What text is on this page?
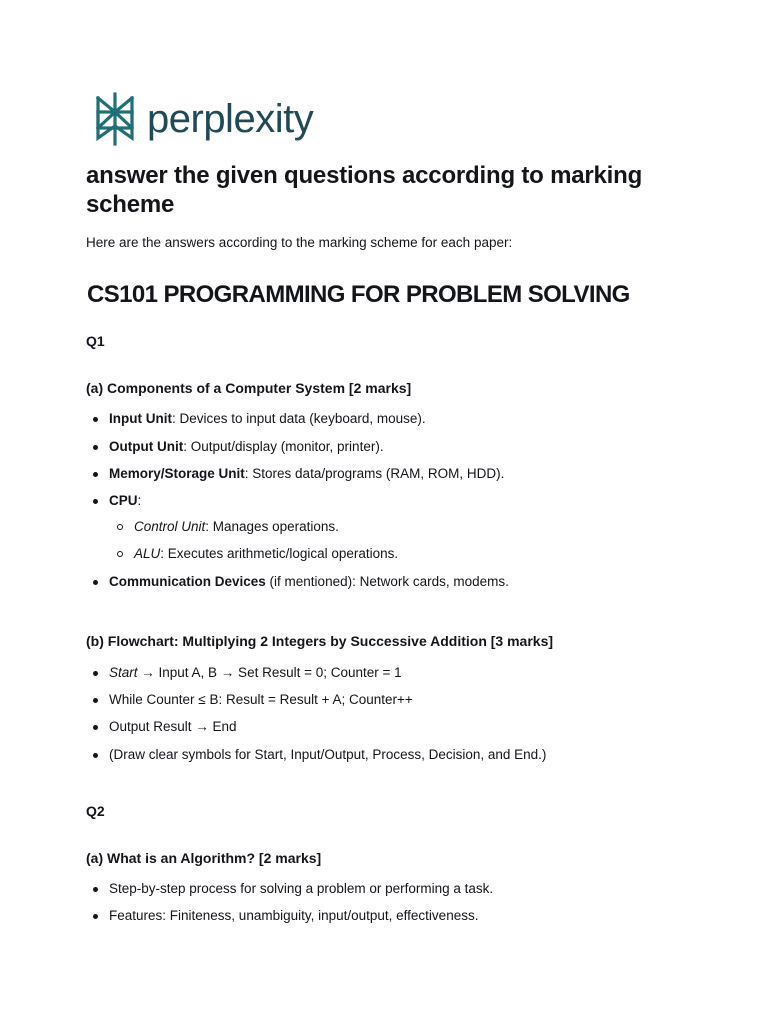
perplexity
answer the given questions according to marking scheme

Here are the answers according to the marking scheme for each paper:

CS101 PROGRAMMING FOR PROBLEM SOLVING
Q1
(a) Components of a Computer System [2 marks]
Input Unit: Devices to input data (keyboard, mouse).
Output Unit: Output/display (monitor, printer).
Memory/Storage Unit: Stores data/programs (RAM, ROM, HDD).
CPU:
Control Unit: Manages operations.
ALU: Executes arithmetic/logical operations.
Communication Devices (if mentioned): Network cards, modems.
(b) Flowchart: Multiplying 2 Integers by Successive Addition [3 marks]
Start → Input A, B → Set Result = 0; Counter = 1
While Counter ≤ B: Result = Result + A; Counter++
Output Result → End
(Draw clear symbols for Start, Input/Output, Process, Decision, and End.)
Q2
(a) What is an Algorithm? [2 marks]
Step-by-step process for solving a problem or performing a task.
Features: Finiteness, unambiguity, input/output, effectiveness.
